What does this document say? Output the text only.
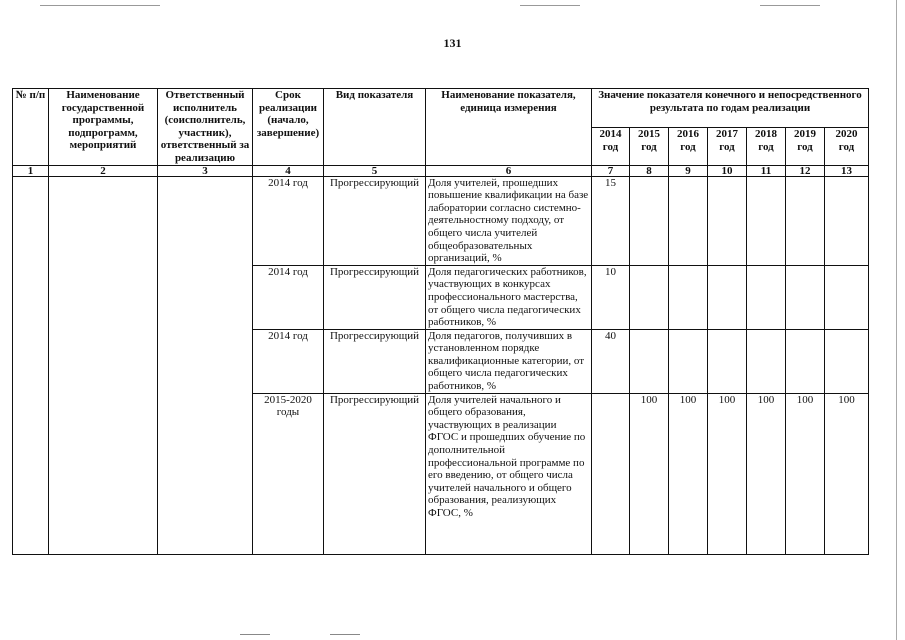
131
№ п/п	Наименование государственной программы, подпрограмм, мероприятий	Ответственный исполнитель (соисполнитель, участник), ответственный за реализацию	Срок реализации (начало, завершение)	Вид показателя	Наименование показателя, единица измерения	Значение показателя конечного и непосредственного результата по годам реализации						
						2014 год	2015 год	2016 год	2017 год	2018 год	2019 год	2020 год
1	2	3	4	5	6	7	8	9	10	11	12	13
			2014 год	Прогрессирующий	Доля учителей, прошедших повышение квалификации на базе лаборатории согласно системно-деятельностному подходу, от общего числа учителей общеобразовательных организаций, %	15						
			2014 год	Прогрессирующий	Доля педагогических работников, участвующих в конкурсах профессионального мастерства, от общего числа педагогических работников, %	10						
			2014 год	Прогрессирующий	Доля педагогов, получивших в установленном порядке квалификационные категории, от общего числа педагогических работников, %	40						
			2015-2020 годы	Прогрессирующий	Доля учителей начального и общего образования, участвующих в реализации ФГОС и прошедших обучение по дополнительной профессиональной программе по его введению, от общего числа учителей начального и общего образования, реализующих ФГОС, %		100	100	100	100	100	100
